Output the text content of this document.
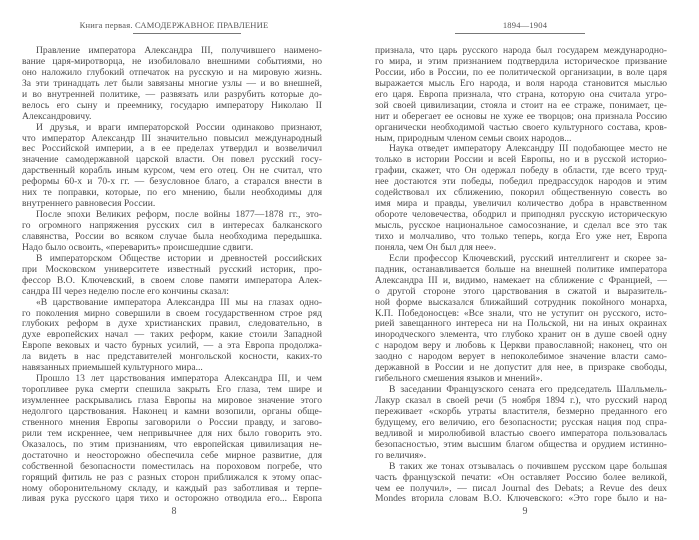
Книга первая. САМОДЕРЖАВНОЕ ПРАВЛЕНИЕ
Правление императора Александра III, получившего наимено-
вание царя-миротворца, не изобиловало внешними событиями, но
оно наложило глубокий отпечаток на русскую и на мировую жизнь.
За эти тринадцать лет были завязаны многие узлы — и во внешней,
и во внутренней политике, — развязать или разрубить которые до-
велось его сыну и преемнику, государю императору Николаю II
Александровичу.
И друзья, и враги императорской России одинаково признают,
что император Александр III значительно повысил международный
вес Российской империи, а в ее пределах утвердил и возвеличил
значение самодержавной царской власти. Он повел русский госу-
дарственный корабль иным курсом, чем его отец. Он не считал, что
реформы 60-х и 70-х гг. — безусловное благо, а старался внести в
них те поправки, которые, по его мнению, были необходимы для
внутреннего равновесия России.
После эпохи Великих реформ, после войны 1877—1878 гг., это-
го огромного напряжения русских сил в интересах балканского
славянства, России во всяком случае была необходима передышка.
Надо было освоить, «переварить» происшедшие сдвиги.
В императорском Обществе истории и древностей российских
при Московском университете известный русский историк, про-
фессор В.О. Ключевский, в своем слове памяти императора Алек-
сандра III через неделю после его кончины сказал:
«В царствование императора Александра III мы на глазах одно-
го поколения мирно совершили в своем государственном строе ряд
глубоких реформ в духе христианских правил, следовательно, в
духе европейских начал — таких реформ, какие стоили Западной
Европе вековых и часто бурных усилий, — а эта Европа продолжа-
ла видеть в нас представителей монгольской косности, каких-то
навязанных приемышей культурного мира...
Прошло 13 лет царствования императора Александра III, и чем
торопливее рука смерти спешила закрыть Его глаза, тем шире и
изумленнее раскрывались глаза Европы на мировое значение этого
недолгого царствования. Наконец и камни возопили, органы обще-
ственного мнения Европы заговорили о России правду, и загово-
рили тем искреннее, чем непривычнее для них было говорить это.
Оказалось, по этим признаниям, что европейская цивилизация не-
достаточно и неосторожно обеспечила себе мирное развитие, для
собственной безопасности поместилась на пороховом погребе, что
горящий фитиль не раз с разных сторон приближался к этому опас-
ному оборонительному складу, и каждый раз заботливая и терпе-
ливая рука русского царя тихо и осторожно отводила его... Европа
8
1894—1904
признала, что царь русского народа был государем международно-
го мира, и этим признанием подтвердила историческое призвание
России, ибо в России, по ее политической организации, в воле царя
выражается мысль Его народа, и воля народа становится мыслью
его царя. Европа признала, что страна, которую она считала угро-
зой своей цивилизации, стояла и стоит на ее страже, понимает, це-
нит и оберегает ее основы не хуже ее творцов; она признала Россию
органически необходимой частью своего культурного состава, кров-
ным, природным членом семьи своих народов...
Наука отведет императору Александру III подобающее место не
только в истории России и всей Европы, но и в русской историо-
графии, скажет, что Он одержал победу в области, где всего труд-
нее достаются эти победы, победил предрассудок народов и этим
содействовал их сближению, покорил общественную совесть во
имя мира и правды, увеличил количество добра в нравственном
обороте человечества, ободрил и приподнял русскую историческую
мысль, русское национальное самосознание, и сделал все это так
тихо и молчаливо, что только теперь, когда Его уже нет, Европа
поняла, чем Он был для нее».
Если профессор Ключевский, русский интеллигент и скорее за-
падник, останавливается больше на внешней политике императора
Александра III и, видимо, намекает на сближение с Францией, —
о другой стороне этого царствования в сжатой и выразитель-
ной форме высказался ближайший сотрудник покойного монарха,
К.П. Победоносцев: «Все знали, что не уступит он русского, исто-
рией завещанного интереса ни на Польской, ни на иных окраинах
инородческого элемента, что глубоко хранит он в душе своей одну
с народом веру и любовь к Церкви православной; наконец, что он
заодно с народом верует в непоколебимое значение власти само-
державной в России и не допустит для нее, в призраке свободы,
гибельного смешения языков и мнений».
В заседании Французского сената его председатель Шалльмель-
Лакур сказал в своей речи (5 ноября 1894 г.), что русский народ
переживает «скорбь утраты властителя, безмерно преданного его
будущему, его величию, его безопасности; русская нация под спра-
ведливой и миролюбивой властью своего императора пользовалась
безопасностью, этим высшим благом общества и орудием истинно-
го величия».
В таких же тонах отзывалась о почившем русском царе большая
часть французской печати: «Он оставляет Россию более великой,
чем ее получил», — писал Journal des Debats; а Revue des deux
Mondes вторила словам В.О. Ключевского: «Это горе было и на-
9
